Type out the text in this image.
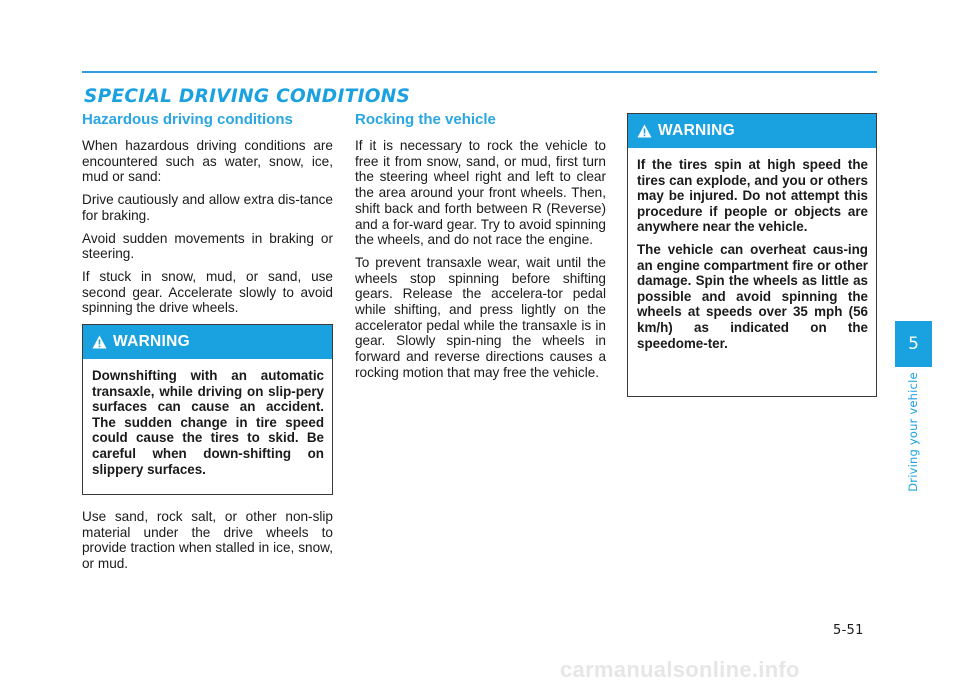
SPECIAL DRIVING CONDITIONS
Hazardous driving conditions

When hazardous driving conditions are encountered such as water, snow, ice, mud or sand:

Drive cautiously and allow extra dis-tance for braking.

Avoid sudden movements in braking or steering.

If stuck in snow, mud, or sand, use second gear. Accelerate slowly to avoid spinning the drive wheels.

WARNING

Downshifting with an automatic transaxle, while driving on slip-pery surfaces can cause an accident. The sudden change in tire speed could cause the tires to skid. Be careful when down-shifting on slippery surfaces.

Use sand, rock salt, or other non-slip material under the drive wheels to provide traction when stalled in ice, snow, or mud.

Rocking the vehicle

If it is necessary to rock the vehicle to free it from snow, sand, or mud, first turn the steering wheel right and left to clear the area around your front wheels. Then, shift back and forth between R (Reverse) and a for-ward gear. Try to avoid spinning the wheels, and do not race the engine.

To prevent transaxle wear, wait until the wheels stop spinning before shifting gears. Release the accelera-tor pedal while shifting, and press lightly on the accelerator pedal while the transaxle is in gear. Slowly spin-ning the wheels in forward and reverse directions causes a rocking motion that may free the vehicle.

WARNING

If the tires spin at high speed the tires can explode, and you or others may be injured. Do not attempt this procedure if people or objects are anywhere near the vehicle.

The vehicle can overheat caus-ing an engine compartment fire or other damage. Spin the wheels as little as possible and avoid spinning the wheels at speeds over 35 mph (56 km/h) as indicated on the speedome-ter.	5
Driving your vehicle
5-51
carmanualsonline.info
